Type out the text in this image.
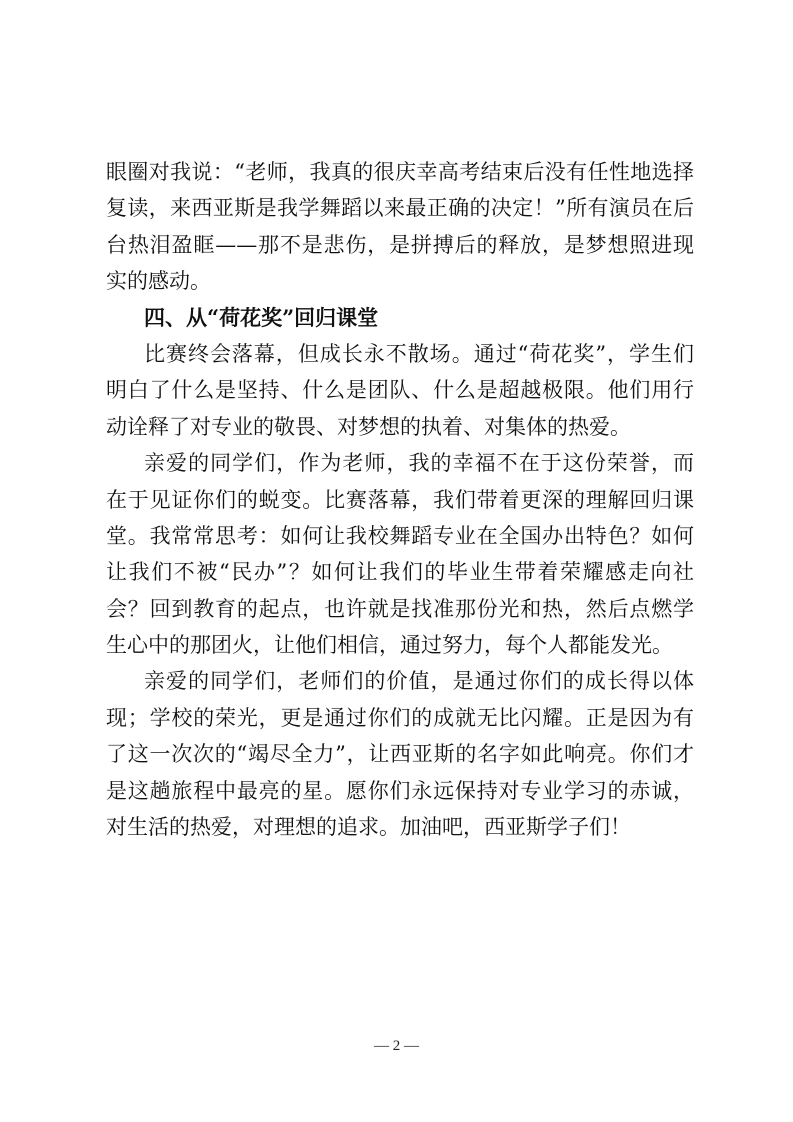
眼圈对我说：“老师，我真的很庆幸高考结束后没有任性地选择
复读，来西亚斯是我学舞蹈以来最正确的决定！”所有演员在后
台热泪盈眶——那不是悲伤，是拼搏后的释放，是梦想照进现
实的感动。
四、从“荷花奖”回归课堂
比赛终会落幕，但成长永不散场。通过“荷花奖”，学生们
明白了什么是坚持、什么是团队、什么是超越极限。他们用行
动诠释了对专业的敬畏、对梦想的执着、对集体的热爱。
亲爱的同学们，作为老师，我的幸福不在于这份荣誉，而
在于见证你们的蜕变。比赛落幕，我们带着更深的理解回归课
堂。我常常思考：如何让我校舞蹈专业在全国办出特色？如何
让我们不被“民办”？如何让我们的毕业生带着荣耀感走向社
会？回到教育的起点，也许就是找准那份光和热，然后点燃学
生心中的那团火，让他们相信，通过努力，每个人都能发光。
亲爱的同学们，老师们的价值，是通过你们的成长得以体
现；学校的荣光，更是通过你们的成就无比闪耀。正是因为有
了这一次次的“竭尽全力”，让西亚斯的名字如此响亮。你们才
是这趟旅程中最亮的星。愿你们永远保持对专业学习的赤诚，
对生活的热爱，对理想的追求。加油吧，西亚斯学子们！
— 2 —
